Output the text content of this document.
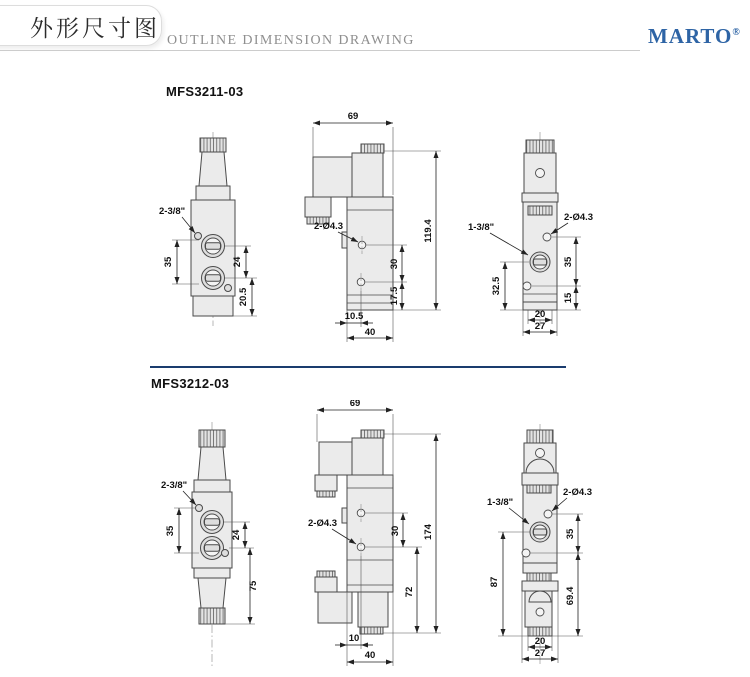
外形尺寸图 OUTLINE DIMENSION DRAWING	MARTO®
MFS3211-03
MFS3212-03
2-3/8"
35	24
20.5
69
119.4
2-Ø4.3
30
17.5
10.5
40
1-3/8"
2-Ø4.3
35
15
32.5
20
27
2-3/8"
35	24
75
69
174
2-Ø4.3
30
72
10
40
1-3/8"
2-Ø4.3
35
69.4
87
20
27
